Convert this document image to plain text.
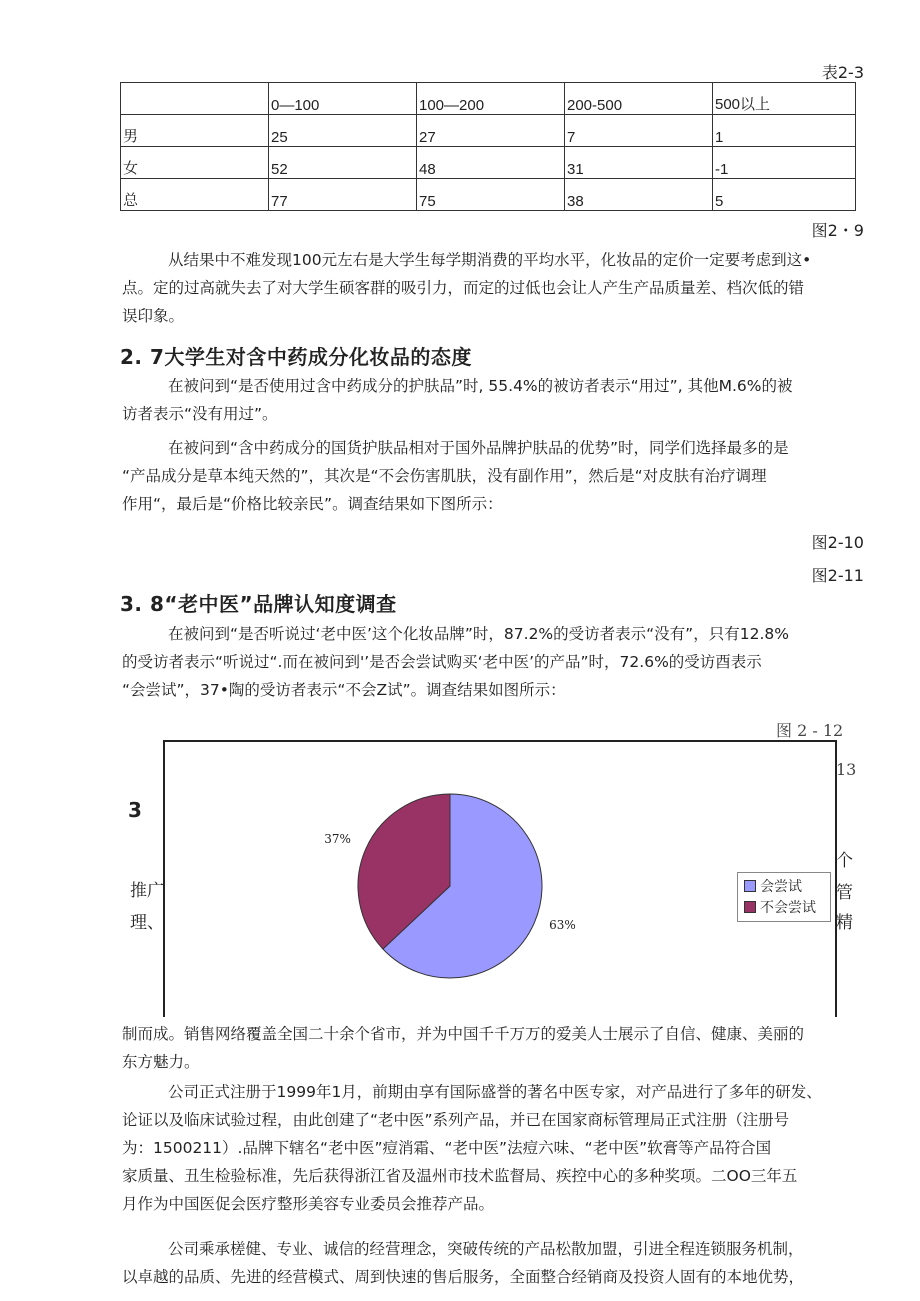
表2-3
	0—100	100—200	200-500	500以上
男	25	27	7	1
女	52	48	31	-1
总	77	75	38	5
图2・9
从结果中不难发现100元左右是大学生每学期消费的平均水平，化妆品的定价一定要考虑到这•
点。定的过高就失去了对大学生硕客群的吸引力，而定的过低也会让人产生产品质量差、档次低的错
误印象。
2. 7大学生对含中药成分化妆品的态度
在被问到“是否使用过含中药成分的护肤品”时, 55.4%的被访者表示“用过”, 其他M.6%的被
访者表示“没有用过”。
在被问到“含中药成分的国货护肤品相对于国外品牌护肤品的优势”时，同学们选择最多的是
“产品成分是草本纯天然的”，其次是“不会伤害肌肤，没有副作用”，然后是“对皮肤有治疗调理
作用“，最后是“价格比较亲民”。调查结果如下图所示：
图2-10
图2-11
3. 8“老中医”品牌认知度调查
在被问到“是否听说过‘老中医’这个化妆品牌”时，87.2%的受访者表示“没有”，只有12.8%
的受访者表示“听说过“.而在被问到'’是否会尝试购买‘老中医’的产品”时，72.6%的受访酉表示
“会尝试”，37•陶的受访者表示“不会Z试”。调查结果如图所示：
图 2 - 12
3
推广
理、
13
个
管
精
63%
37%
会尝试
不会尝试
制而成。销售网络覆盖全国二十余个省市，并为中国千千万万的爱美人士展示了自信、健康、美丽的
东方魅力。
公司正式注册于1999年1月，前期由享有国际盛誉的著名中医专家，对产品进行了多年的研发、
论证以及临床试验过程，由此创建了“老中医”系列产品，并已在国家商标管理局正式注册（注册号
为：1500211）.品牌下辖名“老中医”痘消霜、“老中医”法痘六味、“老中医”软膏等产品符合国
家质量、丑生检验标准，先后获得浙江省及温州市技术监督局、疾控中心的多种奖项。二OO三年五
月作为中国医促会医疗整形美容专业委员会推荐产品。
公司乘承槎健、专业、诚信的经营理念，突破传统的产品松散加盟，引进全程连锁服务机制，
以卓越的品质、先进的经营模式、周到快速的售后服务，全面整合经销商及投资人固有的本地优势，
